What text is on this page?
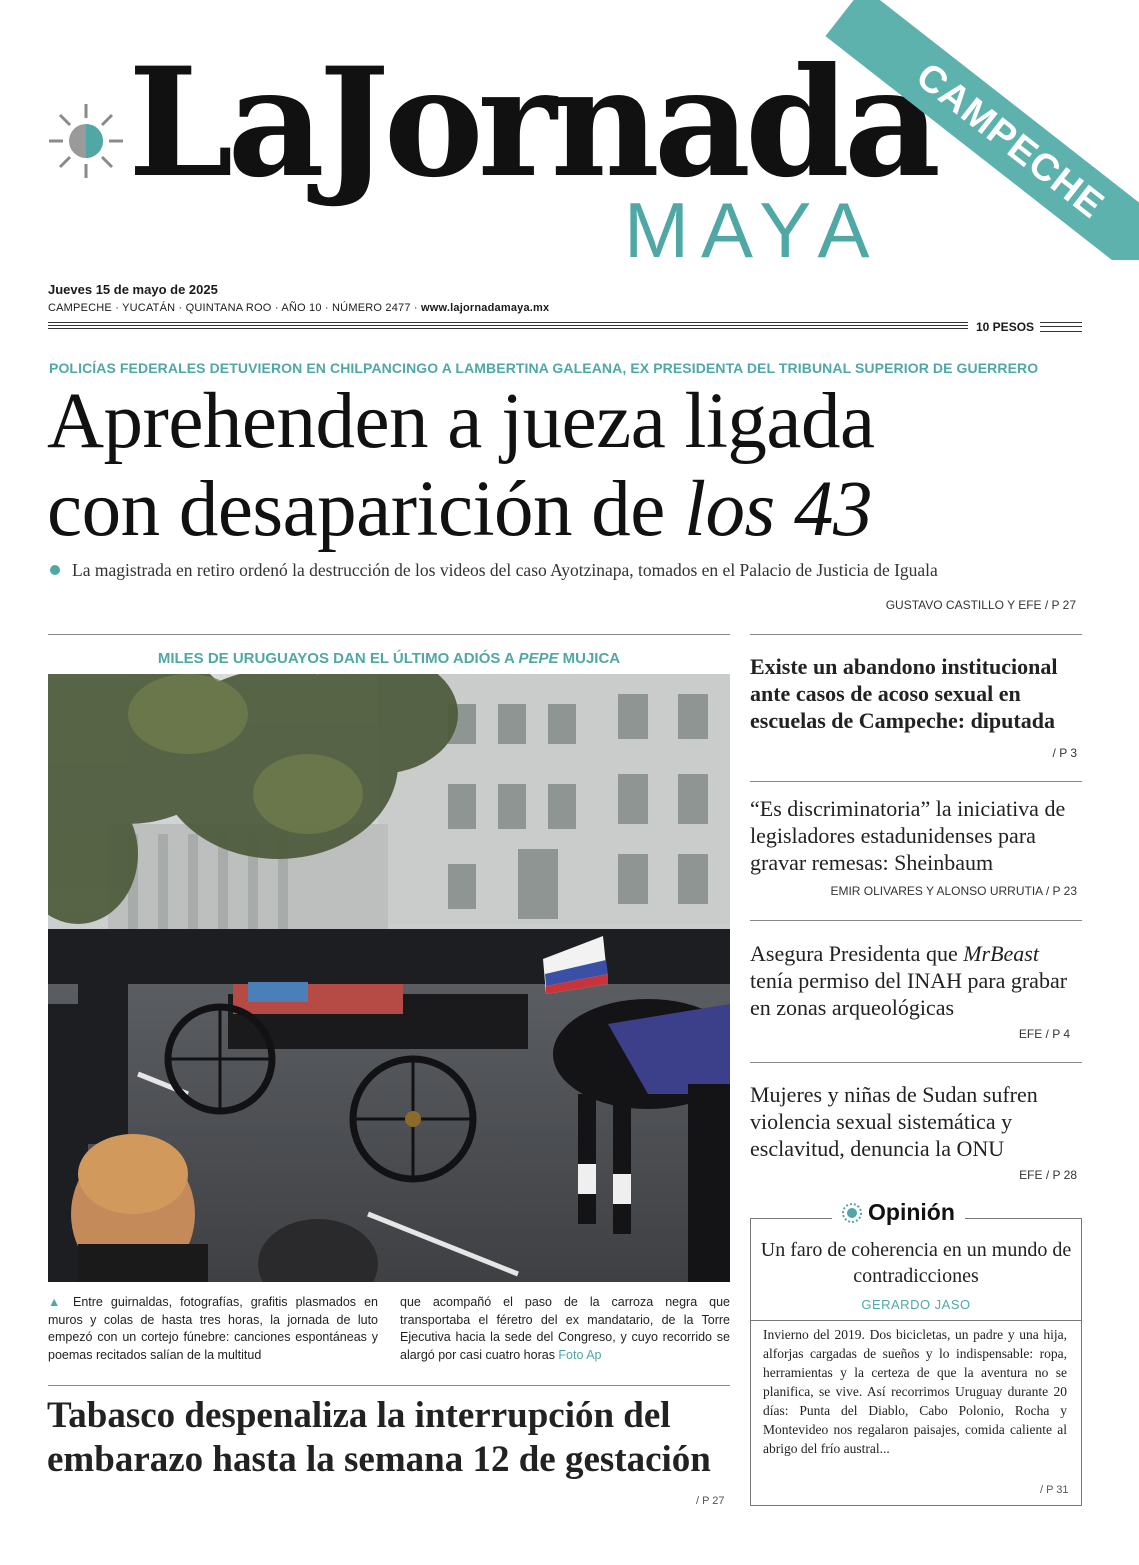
LaJornada
MAYA
CAMPECHE
Jueves 15 de mayo de 2025
CAMPECHE · YUCATÁN · QUINTANA ROO · AÑO 10 · NÚMERO 2477 · www.lajornadamaya.mx
10 PESOS
POLICÍAS FEDERALES DETUVIERON EN CHILPANCINGO A LAMBERTINA GALEANA, EX PRESIDENTA DEL TRIBUNAL SUPERIOR DE GUERRERO
Aprehenden a jueza ligada
con desaparición de los 43
La magistrada en retiro ordenó la destrucción de los videos del caso Ayotzinapa, tomados en el Palacio de Justicia de Iguala
GUSTAVO CASTILLO Y EFE / P 27
MILES DE URUGUAYOS DAN EL ÚLTIMO ADIÓS A PEPE MUJICA
▲ Entre guirnaldas, fotografías, grafitis plasmados en muros y colas de hasta tres horas, la jornada de luto empezó con un cortejo fúnebre: canciones espontáneas y poemas recitados salían de la multitud
que acompañó el paso de la carroza negra que transportaba el féretro del ex mandatario, de la Torre Ejecutiva hacia la sede del Congreso, y cuyo recorrido se alargó por casi cuatro horas Foto Ap
Tabasco despenaliza la interrupción del embarazo hasta la semana 12 de gestación
/ P 27
Existe un abandono institucional ante casos de acoso sexual en escuelas de Campeche: diputada
/ P 3
“Es discriminatoria” la iniciativa de legisladores estadunidenses para gravar remesas: Sheinbaum
EMIR OLIVARES Y ALONSO URRUTIA / P 23
Asegura Presidenta que MrBeast tenía permiso del INAH para grabar en zonas arqueológicas
EFE / P 4
Mujeres y niñas de Sudan sufren violencia sexual sistemática y esclavitud, denuncia la ONU
EFE / P 28
Opinión
Un faro de coherencia en un mundo de contradicciones
GERARDO JASO
Invierno del 2019. Dos bicicletas, un padre y una hija, alforjas cargadas de sueños y lo indispensable: ropa, herramientas y la certeza de que la aventura no se planifica, se vive. Así recorrimos Uruguay durante 20 días: Punta del Diablo, Cabo Polonio, Rocha y Montevideo nos regalaron paisajes, comida caliente al abrigo del frío austral...
/ P 31
